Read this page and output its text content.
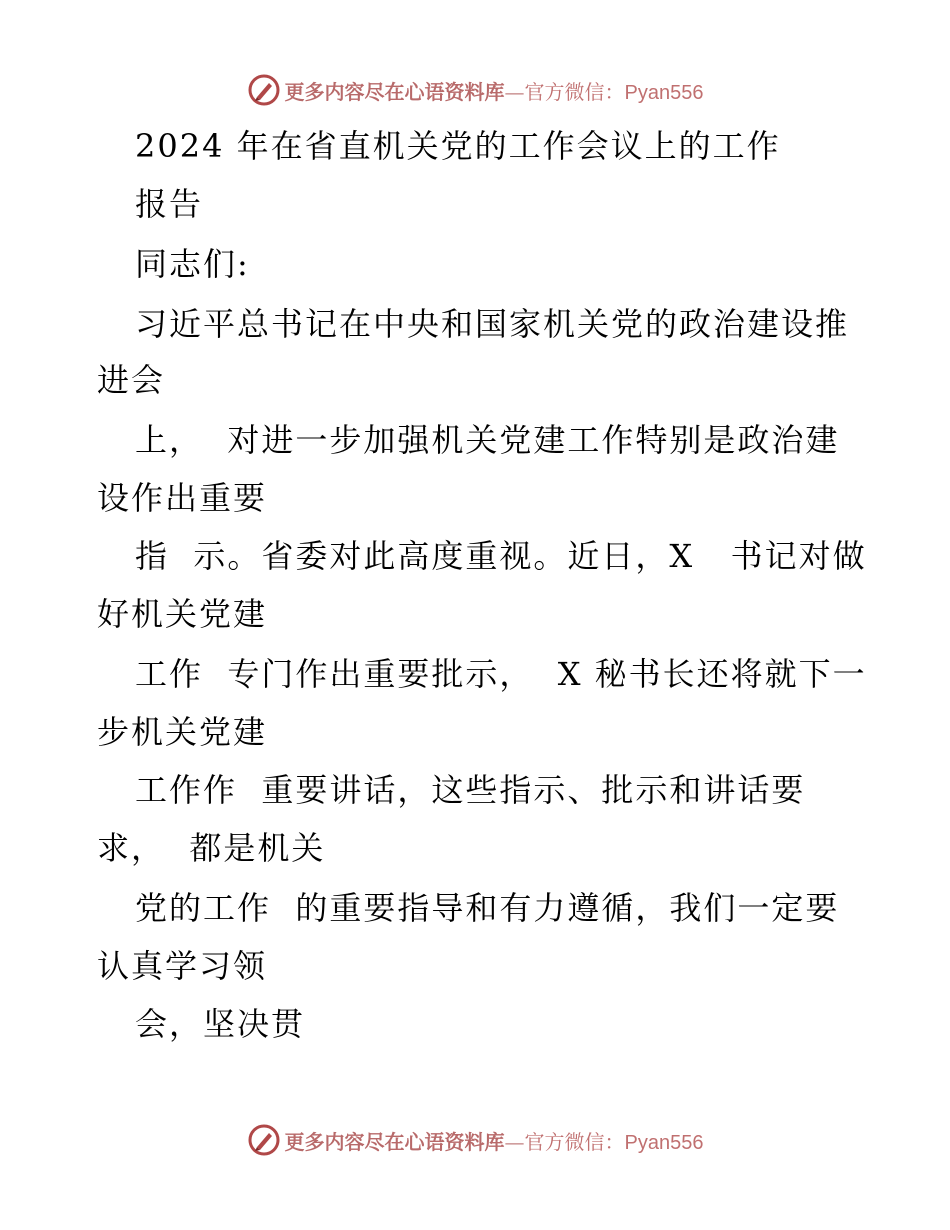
更多内容尽在心语资料库—官方微信：Pyan556
2024 年在省直机关党的工作会议上的工作
报告
同志们:
习近平总书记在中央和国家机关党的政治建设推
进会
上，  对进一步加强机关党建工作特别是政治建
设作出重要
指  示。省委对此高度重视。近日，X   书记对做
好机关党建
工作  专门作出重要批示，  X 秘书长还将就下一
步机关党建
工作作  重要讲话，这些指示、批示和讲话要
求，  都是机关
党的工作  的重要指导和有力遵循，我们一定要
认真学习领
会，坚决贯
更多内容尽在心语资料库—官方微信：Pyan556
